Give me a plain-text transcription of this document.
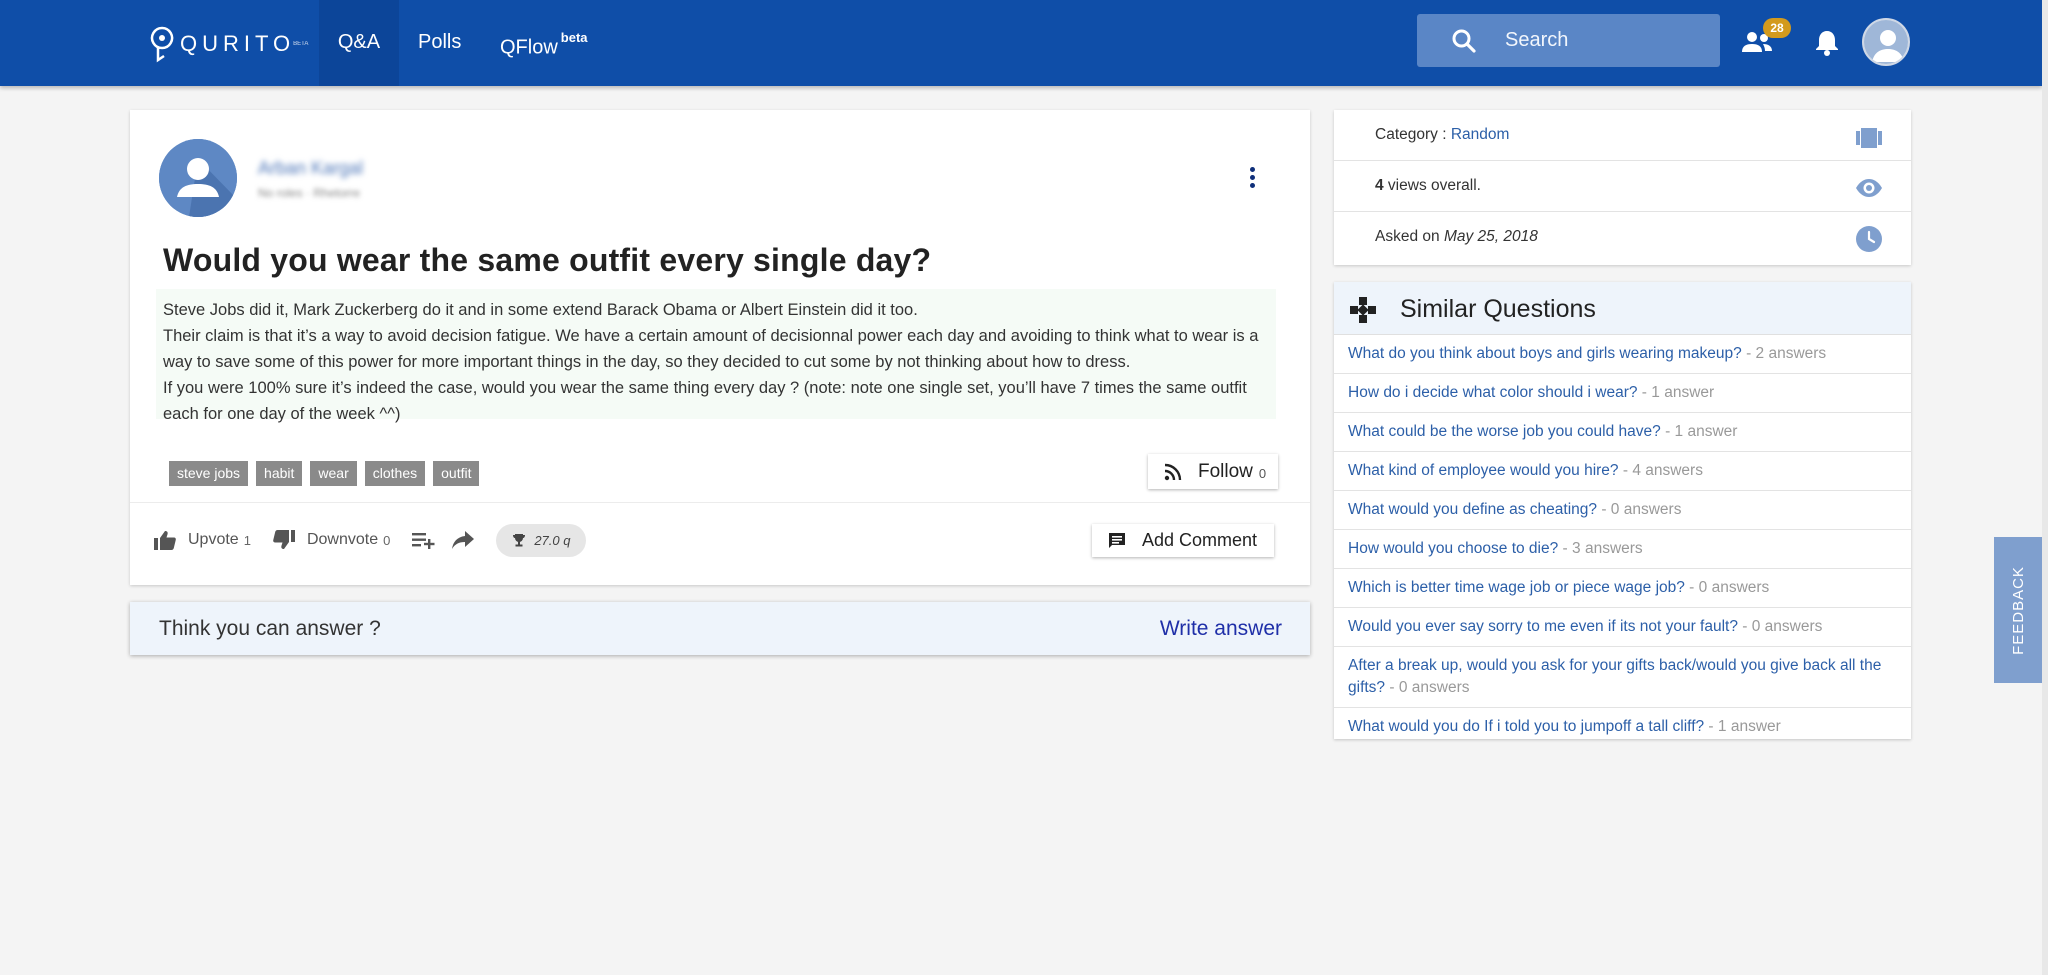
QURITO
BETA	Q&A	Polls	QFlow $^{beta}$	Search
28
Arban Kargal
No roles · Rhetorre
Would you wear the same outfit every single day?

Steve Jobs did it, Mark Zuckerberg do it and in some extend Barack Obama or Albert Einstein did it too.

Their claim is that it’s a way to avoid decision fatigue. We have a certain amount of decisionnal power each day and avoiding to think what to wear is a way to save some of this power for more important things in the day, so they decided to cut some by not thinking about how to dress.

If you were 100% sure it’s indeed the case, would you wear the same thing every day ? (note: note one single set, you’ll have 7 times the same outfit each for one day of the week ^^)

steve jobs	habit	wear	clothes	outfit	Follow 0
Upvote 1	Downvote 0	27.0 q	Add Comment
Think you can answer ?	Write answer
Category : Random
4 views overall.
Asked on May 25, 2018
Similar Questions
What do you think about boys and girls wearing makeup? - 2 answers
How do i decide what color should i wear? - 1 answer
What could be the worse job you could have? - 1 answer
What kind of employee would you hire? - 4 answers
What would you define as cheating? - 0 answers
How would you choose to die? - 3 answers
Which is better time wage job or piece wage job? - 0 answers
Would you ever say sorry to me even if its not your fault? - 0 answers
After a break up, would you ask for your gifts back/would you give back all the gifts? - 0 answers
What would you do If i told you to jumpoff a tall cliff? - 1 answer
FEEDBACK
